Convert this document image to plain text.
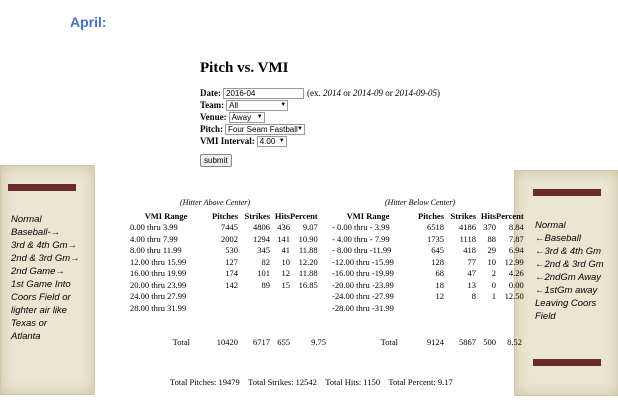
April:
Pitch vs. VMI
Date: 2016-04	(ex. 2014 or 2014-09 or 2014-09-05)
Team: All	▼
Venue: Away ▼
Pitch: Four Seam Fastball ▼
VMI Interval: 4.00 ▼
submit
Normal
Baseball-→
3rd & 4th Gm→
2nd & 3rd Gm→
2nd Game→
1st Game Into
Coors Field or
lighter air like
Texas or
Atlanta
Normal
←Baseball
←3rd & 4th Gm
←2nd & 3rd Gm
←2ndGm Away
←1stGm away
Leaving Coors
Field
(Hitter Above Center)
VMI Range	Pitches	Strikes	Hits	Percent
0.00 thru 3.99	7445	4806	436	9.07
4.00 thru 7.99	2002	1294	141	10.90
8.00 thru 11.99	530	345	41	11.88
12.00 thru 15.99	127	82	10	12.20
16.00 thru 19.99	174	101	12	11.88
20.00 thru 23.99	142	89	15	16.85
24.00 thru 27.99				
28.00 thru 31.99				
Total	10420	6717	655	9.75
(Hitter Below Center)
VMI Range	Pitches	Strikes	Hits	Percent
- 0.00 thru - 3.99	6518	4186	370	8.84
- 4.00 thru - 7.99	1735	1118	88	7.87
- 8.00 thru -11.99	645	418	29	6.94
-12.00 thru -15.99	128	77	10	12.99
-16.00 thru -19.99	68	47	2	4.26
-20.00 thru -23.99	18	13	0	0.00
-24.00 thru -27.99	12	8	1	12.50
-28.00 thru -31.99				
Total	9124	5867	500	8.52
Total Pitches: 19479    Total Strikes: 12542    Total Hits: 1150    Total Percent: 9.17
